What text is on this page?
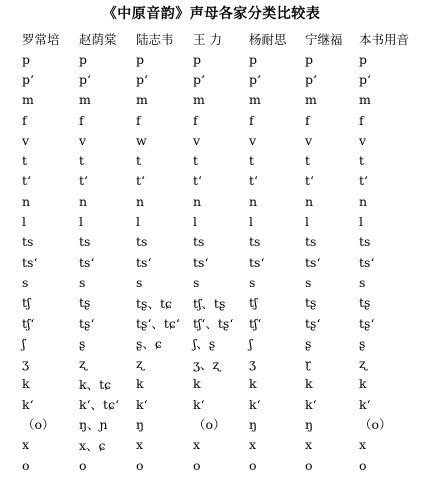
《中原音韵》声母各家分类比较表
罗常培	赵荫棠	陆志韦	王 力	杨耐思	宁继福	本书用音
p	p	p	p	p	p	p
pʻ	pʻ	pʻ	pʻ	pʻ	pʻ	pʻ
m	m	m	m	m	m	m
f	f	f	f	f	f	f
v	v	w	v	v	v	v
t	t	t	t	t	t	t
tʻ	tʻ	tʻ	tʻ	tʻ	tʻ	tʻ
n	n	n	n	n	n	n
l	l	l	l	l	l	l
ts	ts	ts	ts	ts	ts	ts
tsʻ	tsʻ	tsʻ	tsʻ	tsʻ	tsʻ	tsʻ
s	s	s	s	s	s	s
tʃ	tʂ	tʂ、tɕ	tʃ、tʂ	tʃ	tʂ	tʂ
tʃʻ	tʂʻ	tʂʻ、tɕʻ	tʃʻ、tʂʻ	tʃʻ	tʂʻ	tʂʻ
ʃ	ʂ	ʂ、ɕ	ʃ、ʂ	ʃ	ʂ	ʂ
ʒ	ʐ	ʐ	ʒ、ʐ	ʒ	ɽ	ʐ
k	k、tɕ	k	k	k	k	k
kʻ	kʻ、tɕʻ	kʻ	kʻ	kʻ	kʻ	kʻ
（o）	ŋ、ɲ	ŋ	（o）	ŋ	ŋ	（o）
x	x、ɕ	x	x	x	x	x
o	o	o	o	o	o	o
